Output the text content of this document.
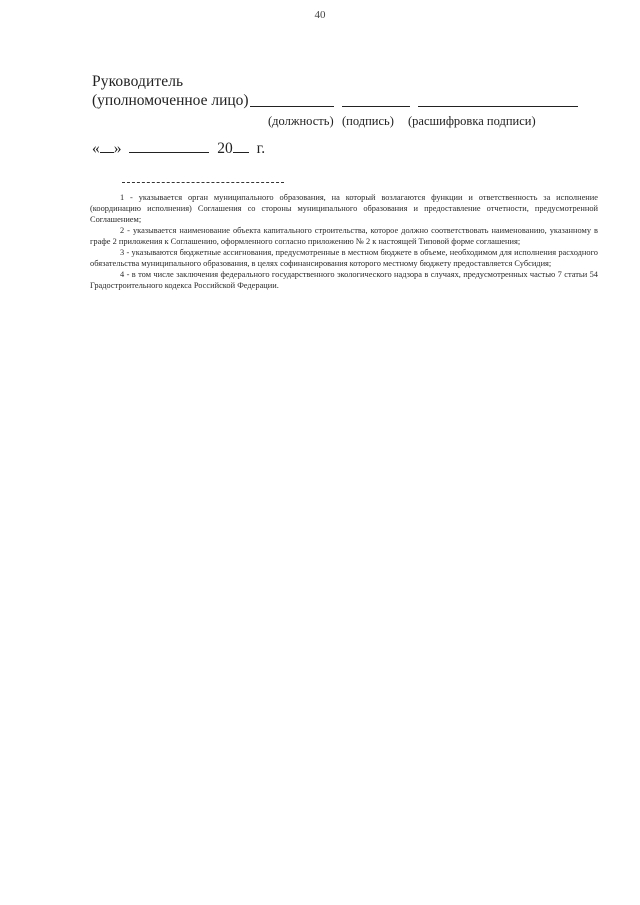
40
Руководитель
(уполномоченное лицо)
(должность) (подпись) (расшифровка подписи)
« »	20 г.

1 - указывается орган муниципального образования, на который возлагаются функции и ответственность за исполнение (координацию исполнения) Соглашения со стороны муниципального образования и предоставление отчетности, предусмотренной Соглашением;

2 - указывается наименование объекта капитального строительства, которое должно соответствовать наименованию, указанному в графе 2 приложения к Соглашению, оформленного согласно приложению № 2 к настоящей Типовой форме соглашения;

3 - указываются бюджетные ассигнования, предусмотренные в местном бюджете в объеме, необходимом для исполнения расходного обязательства муниципального образования, в целях софинансирования которого местному бюджету предоставляется Субсидия;

4 - в том числе заключения федерального государственного экологического надзора в случаях, предусмотренных частью 7 статьи 54 Градостроительного кодекса Российской Федерации.
